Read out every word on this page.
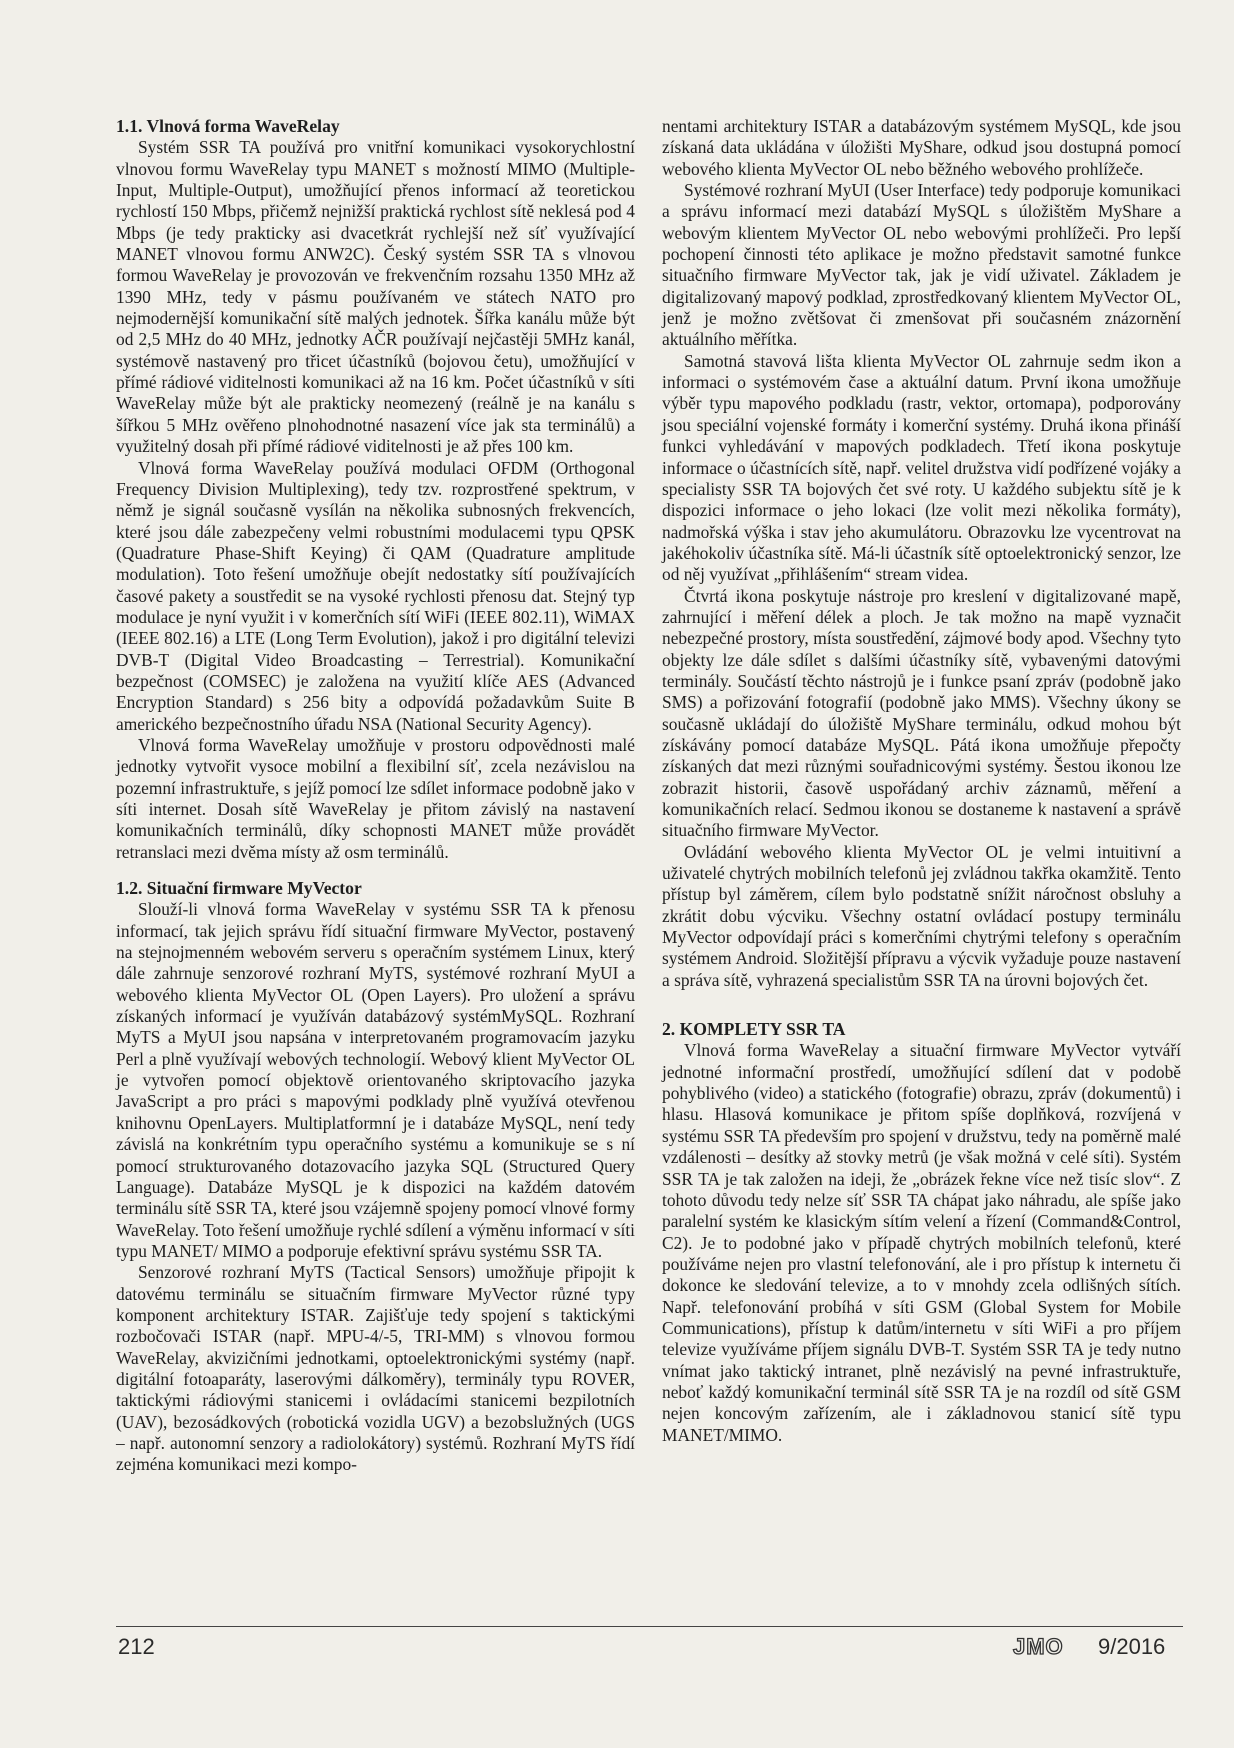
1.1. Vlnová forma WaveRelay

Systém SSR TA používá pro vnitřní komunikaci vysokorychlostní vlnovou formu WaveRelay typu MANET s možností MIMO (Multiple-Input, Multiple-Output), umožňující přenos informací až teoretickou rychlostí 150 Mbps, přičemž nejnižší praktická rychlost sítě neklesá pod 4 Mbps (je tedy prakticky asi dvacetkrát rychlejší než síť využívající MANET vlnovou formu ANW2C). Český systém SSR TA s vlnovou formou WaveRelay je provozován ve frekvenčním rozsahu 1350 MHz až 1390 MHz, tedy v pásmu používaném ve státech NATO pro nejmodernější komunikační sítě malých jednotek. Šířka kanálu může být od 2,5 MHz do 40 MHz, jednotky AČR používají nejčastěji 5MHz kanál, systémově nastavený pro třicet účastníků (bojovou četu), umožňující v přímé rádiové viditelnosti komunikaci až na 16 km. Počet účastníků v síti WaveRelay může být ale prakticky neomezený (reálně je na kanálu s šířkou 5 MHz ověřeno plnohodnotné nasazení více jak sta terminálů) a využitelný dosah při přímé rádiové viditelnosti je až přes 100 km.

Vlnová forma WaveRelay používá modulaci OFDM (Orthogonal Frequency Division Multiplexing), tedy tzv. rozprostřené spektrum, v němž je signál současně vysílán na několika subnosných frekvencích, které jsou dále zabezpečeny velmi robustními modulacemi typu QPSK (Quadrature Phase-Shift Keying) či QAM (Quadrature amplitude modulation). Toto řešení umožňuje obejít nedostatky sítí používajících časové pakety a soustředit se na vysoké rychlosti přenosu dat. Stejný typ modulace je nyní využit i v komerčních sítí WiFi (IEEE 802.11), WiMAX (IEEE 802.16) a LTE (Long Term Evolution), jakož i pro digitální televizi DVB-T (Digital Video Broadcasting – Terrestrial). Komunikační bezpečnost (COMSEC) je založena na využití klíče AES (Advanced Encryption Standard) s 256 bity a odpovídá požadavkům Suite B amerického bezpečnostního úřadu NSA (National Security Agency).

Vlnová forma WaveRelay umožňuje v prostoru odpovědnosti malé jednotky vytvořit vysoce mobilní a flexibilní síť, zcela nezávislou na pozemní infrastruktuře, s jejíž pomocí lze sdílet informace podobně jako v síti internet. Dosah sítě WaveRelay je přitom závislý na nastavení komunikačních terminálů, díky schopnosti MANET může provádět retranslaci mezi dvěma místy až osm terminálů.

1.2. Situační firmware MyVector

Slouží-li vlnová forma WaveRelay v systému SSR TA k přenosu informací, tak jejich správu řídí situační firmware MyVector, postavený na stejnojmenném webovém serveru s operačním systémem Linux, který dále zahrnuje senzorové rozhraní MyTS, systémové rozhraní MyUI a webového klienta MyVector OL (Open Layers). Pro uložení a správu získaných informací je využíván databázový systémMySQL. Rozhraní MyTS a MyUI jsou napsána v interpretovaném programovacím jazyku Perl a plně využívají webových technologií. Webový klient MyVector OL je vytvořen pomocí objektově orientovaného skriptovacího jazyka JavaScript a pro práci s mapovými podklady plně využívá otevřenou knihovnu OpenLayers. Multiplatformní je i databáze MySQL, není tedy závislá na konkrétním typu operačního systému a komunikuje se s ní pomocí strukturovaného dotazovacího jazyka SQL (Structured Query Language). Databáze MySQL je k dispozici na každém datovém terminálu sítě SSR TA, které jsou vzájemně spojeny pomocí vlnové formy WaveRelay. Toto řešení umožňuje rychlé sdílení a výměnu informací v síti typu MANET/ MIMO a podporuje efektivní správu systému SSR TA.

Senzorové rozhraní MyTS (Tactical Sensors) umožňuje připojit k datovému terminálu se situačním firmware MyVector různé typy komponent architektury ISTAR. Zajišťuje tedy spojení s taktickými rozbočovači ISTAR (např. MPU-4/-5, TRI-MM) s vlnovou formou WaveRelay, akvizičními jednotkami, optoelektronickými systémy (např. digitální fotoaparáty, laserovými dálkoměry), terminály typu ROVER, taktickými rádiovými stanicemi i ovládacími stanicemi bezpilotních (UAV), bezosádkových (robotická vozidla UGV) a bezobslužných (UGS – např. autonomní senzory a radiolokátory) systémů. Rozhraní MyTS řídí zejména komunikaci mezi kompo-

nentami architektury ISTAR a databázovým systémem MySQL, kde jsou získaná data ukládána v úložišti MyShare, odkud jsou dostupná pomocí webového klienta MyVector OL nebo běžného webového prohlížeče.

Systémové rozhraní MyUI (User Interface) tedy podporuje komunikaci a správu informací mezi databází MySQL s úložištěm MyShare a webovým klientem MyVector OL nebo webovými prohlížeči. Pro lepší pochopení činnosti této aplikace je možno představit samotné funkce situačního firmware MyVector tak, jak je vidí uživatel. Základem je digitalizovaný mapový podklad, zprostředkovaný klientem MyVector OL, jenž je možno zvětšovat či zmenšovat při současném znázornění aktuálního měřítka.

Samotná stavová lišta klienta MyVector OL zahrnuje sedm ikon a informaci o systémovém čase a aktuální datum. První ikona umožňuje výběr typu mapového podkladu (rastr, vektor, ortomapa), podporovány jsou speciální vojenské formáty i komerční systémy. Druhá ikona přináší funkci vyhledávání v mapových podkladech. Třetí ikona poskytuje informace o účastnících sítě, např. velitel družstva vidí podřízené vojáky a specialisty SSR TA bojových čet své roty. U každého subjektu sítě je k dispozici informace o jeho lokaci (lze volit mezi několika formáty), nadmořská výška i stav jeho akumulátoru. Obrazovku lze vycentrovat na jakéhokoliv účastníka sítě. Má-li účastník sítě optoelektronický senzor, lze od něj využívat „přihlášením“ stream videa.

Čtvrtá ikona poskytuje nástroje pro kreslení v digitalizované mapě, zahrnující i měření délek a ploch. Je tak možno na mapě vyznačit nebezpečné prostory, místa soustředění, zájmové body apod. Všechny tyto objekty lze dále sdílet s dalšími účastníky sítě, vybavenými datovými terminály. Součástí těchto nástrojů je i funkce psaní zpráv (podobně jako SMS) a pořizování fotografií (podobně jako MMS). Všechny úkony se současně ukládají do úložiště MyShare terminálu, odkud mohou být získávány pomocí databáze MySQL. Pátá ikona umožňuje přepočty získaných dat mezi různými souřadnicovými systémy. Šestou ikonou lze zobrazit historii, časově uspořádaný archiv záznamů, měření a komunikačních relací. Sedmou ikonou se dostaneme k nastavení a správě situačního firmware MyVector.

Ovládání webového klienta MyVector OL je velmi intuitivní a uživatelé chytrých mobilních telefonů jej zvládnou takřka okamžitě. Tento přístup byl záměrem, cílem bylo podstatně snížit náročnost obsluhy a zkrátit dobu výcviku. Všechny ostatní ovládací postupy terminálu MyVector odpovídají práci s komerčními chytrými telefony s operačním systémem Android. Složitější přípravu a výcvik vyžaduje pouze nastavení a správa sítě, vyhrazená specialistům SSR TA na úrovni bojových čet.

2. KOMPLETY SSR TA

Vlnová forma WaveRelay a situační firmware MyVector vytváří jednotné informační prostředí, umožňující sdílení dat v podobě pohyblivého (video) a statického (fotografie) obrazu, zpráv (dokumentů) i hlasu. Hlasová komunikace je přitom spíše doplňková, rozvíjená v systému SSR TA především pro spojení v družstvu, tedy na poměrně malé vzdálenosti – desítky až stovky metrů (je však možná v celé síti). Systém SSR TA je tak založen na ideji, že „obrázek řekne více než tisíc slov“. Z tohoto důvodu tedy nelze síť SSR TA chápat jako náhradu, ale spíše jako paralelní systém ke klasickým sítím velení a řízení (Command&Control, C2). Je to podobné jako v případě chytrých mobilních telefonů, které používáme nejen pro vlastní telefonování, ale i pro přístup k internetu či dokonce ke sledování televize, a to v mnohdy zcela odlišných sítích. Např. telefonování probíhá v síti GSM (Global System for Mobile Communications), přístup k datům/internetu v síti WiFi a pro příjem televize využíváme příjem signálu DVB-T. Systém SSR TA je tedy nutno vnímat jako taktický intranet, plně nezávislý na pevné infrastruktuře, neboť každý komunikační terminál sítě SSR TA je na rozdíl od sítě GSM nejen koncovým zařízením, ale i základnovou stanicí sítě typu MANET/MIMO.

212	JMO 9/2016
